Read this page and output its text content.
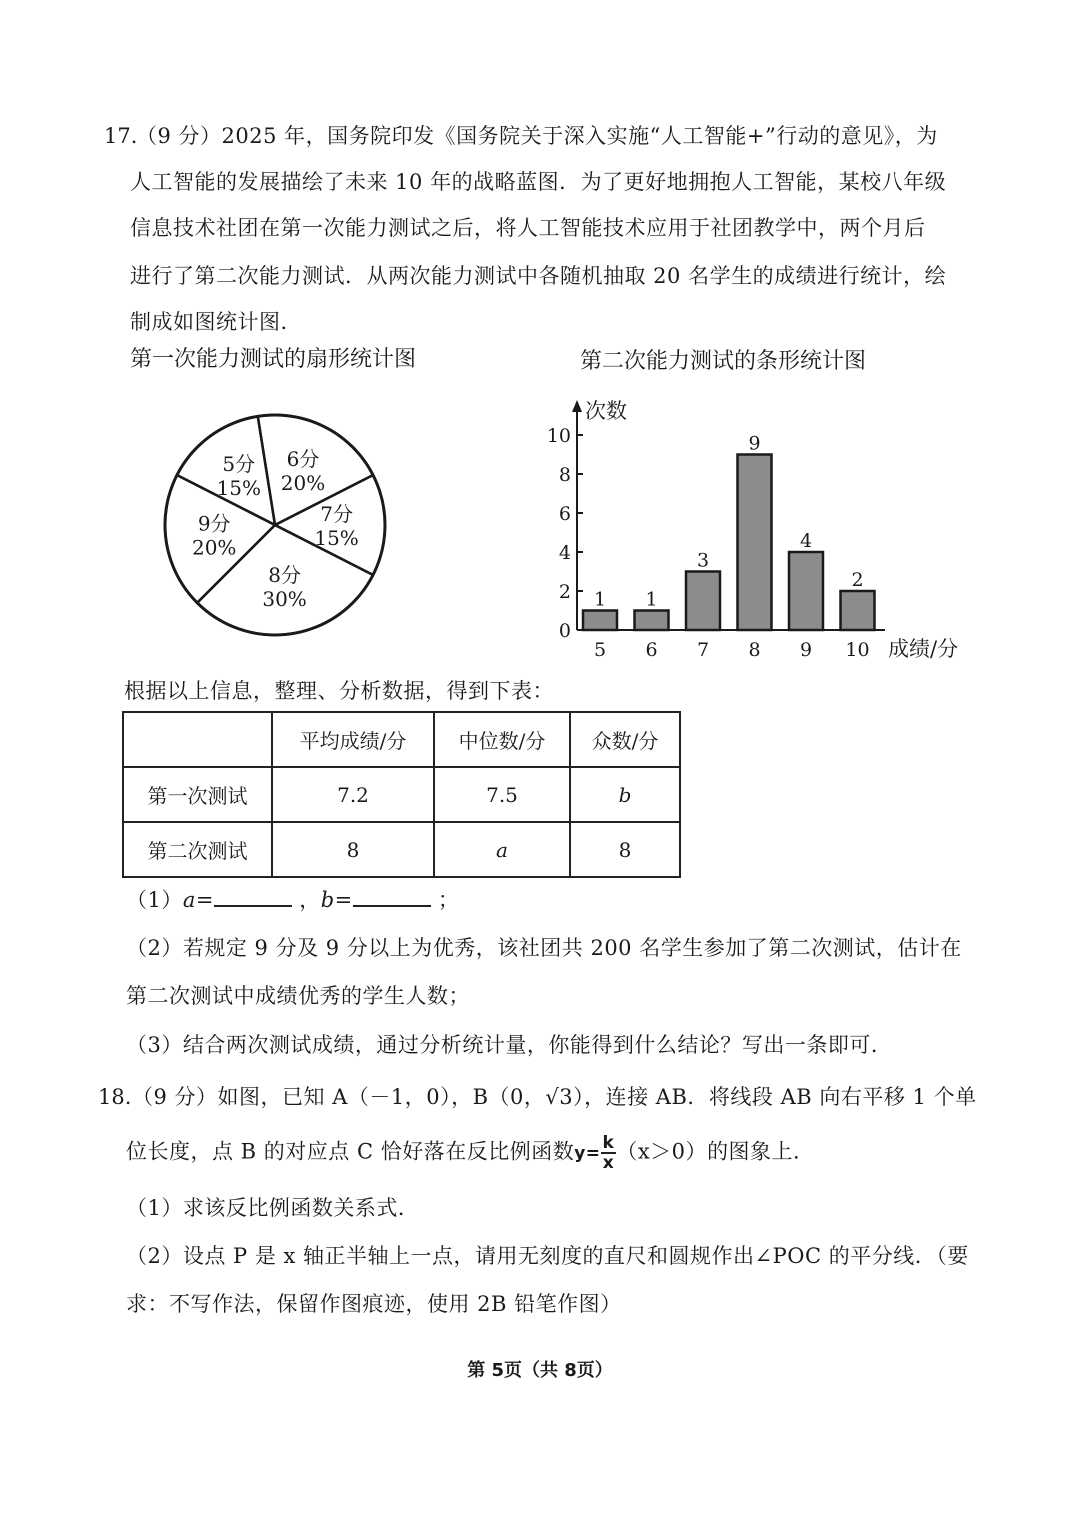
17.
（9 分）2025 年，国务院印发《国务院关于深入实施“人工智能+”行动的意见》，为
人工智能的发展描绘了未来 10 年的战略蓝图．为了更好地拥抱人工智能，某校八年级
信息技术社团在第一次能力测试之后，将人工智能技术应用于社团教学中，两个月后
进行了第二次能力测试．从两次能力测试中各随机抽取 20 名学生的成绩进行统计，绘
制成如图统计图．
第一次能力测试的扇形统计图	第二次能力测试的条形统计图
5分
15%
6分
20%
7分
15%
8分
30%
9分
20%
次数
0
2
4
6
8
10
1
5
1
6
3
7
9
8
4
9
2
10 成绩/分
根据以上信息，整理、分析数据，得到下表：
	平均成绩/分	中位数/分	众数/分
第一次测试	7.2	7.5	b
第二次测试	8	a	8
（1）a=	，b=	；
（2）若规定 9 分及 9 分以上为优秀，该社团共 200 名学生参加了第二次测试，估计在
第二次测试中成绩优秀的学生人数；
（3）结合两次测试成绩，通过分析统计量，你能得到什么结论？写出一条即可．
18. （9 分）如图，已知 A（－1，0），B（0，√3），连接 AB．将线段 AB 向右平移 1 个单
位长度，点 B 的对应点 C 恰好落在反比例函数$y= \frac{k}{x} (x>0)$的图象上．
（1）求该反比例函数关系式．
（2）设点 P 是 x 轴正半轴上一点，请用无刻度的直尺和圆规作出∠POC 的平分线．（要
求：不写作法，保留作图痕迹，使用 2B 铅笔作图）
第 5页（共 8页）
